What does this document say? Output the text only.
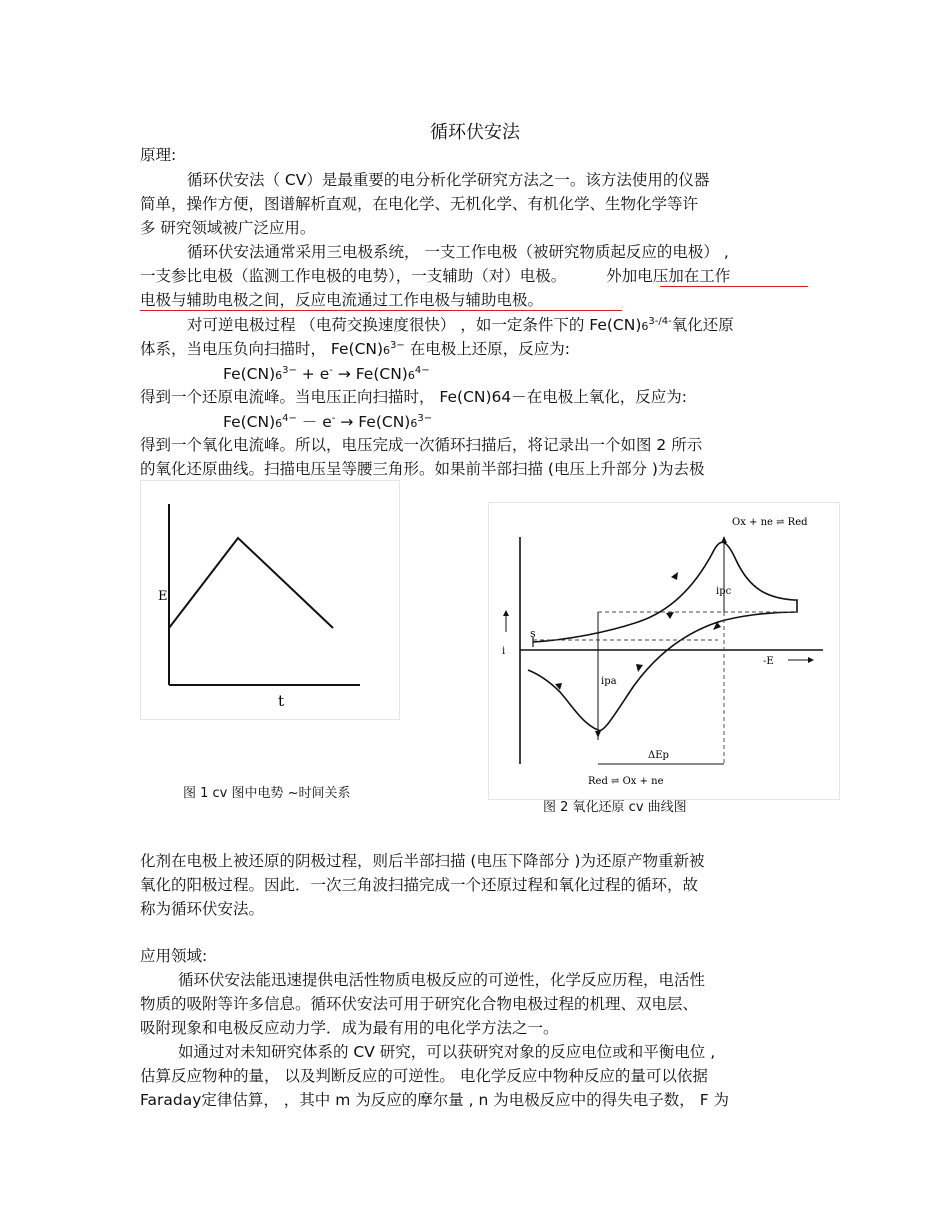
循环伏安法
原理:
循环伏安法（ CV）是最重要的电分析化学研究方法之一。该方法使用的仪器
简单，操作方便，图谱解析直观，在电化学、无机化学、有机化学、生物化学等许
多 研究领域被广泛应用。
循环伏安法通常采用三电极系统， 一支工作电极（被研究物质起反应的电极） ,
一支参比电极（监测工作电极的电势），一支辅助（对）电极。	外加电压加在工作
电极与辅助电极之间，反应电流通过工作电极与辅助电极。
对可逆电极过程 （电荷交换速度很快） ，如一定条件下的 $Fe(CN)6^{3-/4-}$氧化还原
体系，当电压负向扫描时， $Fe(CN)6^{3-}$ 在电极上还原，反应为:
$Fe(CN)6^{3-} + e^- \to Fe(CN)6^{4-}$
得到一个还原电流峰。当电压正向扫描时， Fe(CN)64－在电极上氧化，反应为:
$Fe(CN)6^{4-} - e^- \to Fe(CN)6^{3-}$
得到一个氧化电流峰。所以，电压完成一次循环扫描后，将记录出一个如图 2 所示
的氧化还原曲线。扫描电压呈等腰三角形。如果前半部扫描 (电压上升部分 )为去极
E
t
图 1 cv 图中电势 ~时间关系
i
-E
s
Ox + ne ⇌ Red
ipc
ipa
ΔEp
Red ⇌ Ox + ne
图 2 氧化还原 cv 曲线图
化剂在电极上被还原的阴极过程，则后半部扫描 (电压下降部分 )为还原产物重新被
氧化的阳极过程。因此．一次三角波扫描完成一个还原过程和氧化过程的循环，故
称为循环伏安法。
应用领域:
循环伏安法能迅速提供电活性物质电极反应的可逆性，化学反应历程，电活性
物质的吸附等许多信息。循环伏安法可用于研究化合物电极过程的机理、双电层、
吸附现象和电极反应动力学．成为最有用的电化学方法之一。
如通过对未知研究体系的 CV 研究，可以获研究对象的反应电位或和平衡电位 ,
估算反应物种的量， 以及判断反应的可逆性。 电化学反应中物种反应的量可以依据
Faraday定律估算， ，其中 m 为反应的摩尔量 , n 为电极反应中的得失电子数， F 为
